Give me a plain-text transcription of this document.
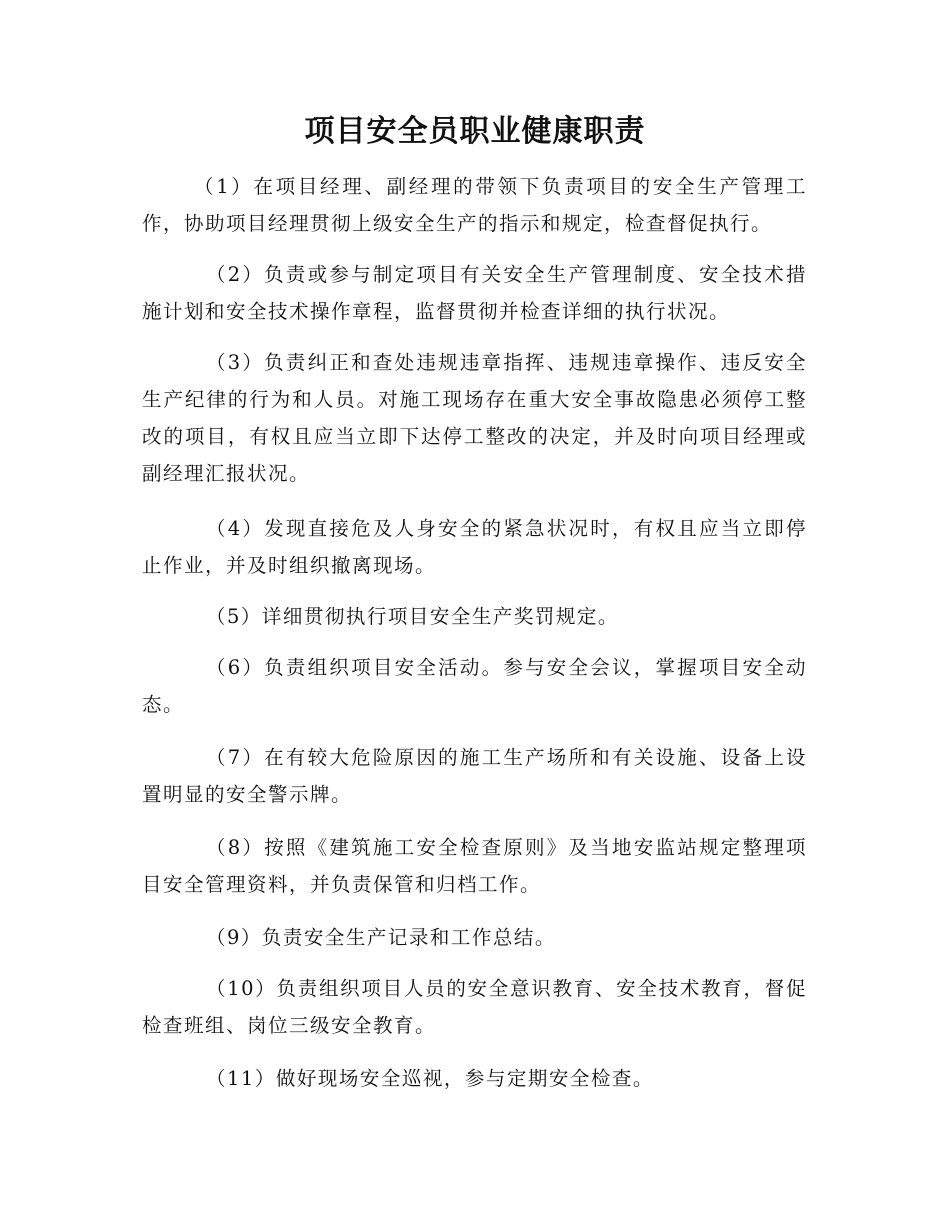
项目安全员职业健康职责

（1）在项目经理、副经理的带领下负责项目的安全生产管理工作，协助项目经理贯彻上级安全生产的指示和规定，检查督促执行。

（2）负责或参与制定项目有关安全生产管理制度、安全技术措施计划和安全技术操作章程，监督贯彻并检查详细的执行状况。

（3）负责纠正和查处违规违章指挥、违规违章操作、违反安全生产纪律的行为和人员。对施工现场存在重大安全事故隐患必须停工整改的项目，有权且应当立即下达停工整改的决定，并及时向项目经理或副经理汇报状况。

（4）发现直接危及人身安全的紧急状况时，有权且应当立即停止作业，并及时组织撤离现场。

（5）详细贯彻执行项目安全生产奖罚规定。

（6）负责组织项目安全活动。参与安全会议，掌握项目安全动态。

（7）在有较大危险原因的施工生产场所和有关设施、设备上设置明显的安全警示牌。

（8）按照《建筑施工安全检查原则》及当地安监站规定整理项目安全管理资料，并负责保管和归档工作。

（9）负责安全生产记录和工作总结。

（10）负责组织项目人员的安全意识教育、安全技术教育，督促检查班组、岗位三级安全教育。

（11）做好现场安全巡视，参与定期安全检查。
